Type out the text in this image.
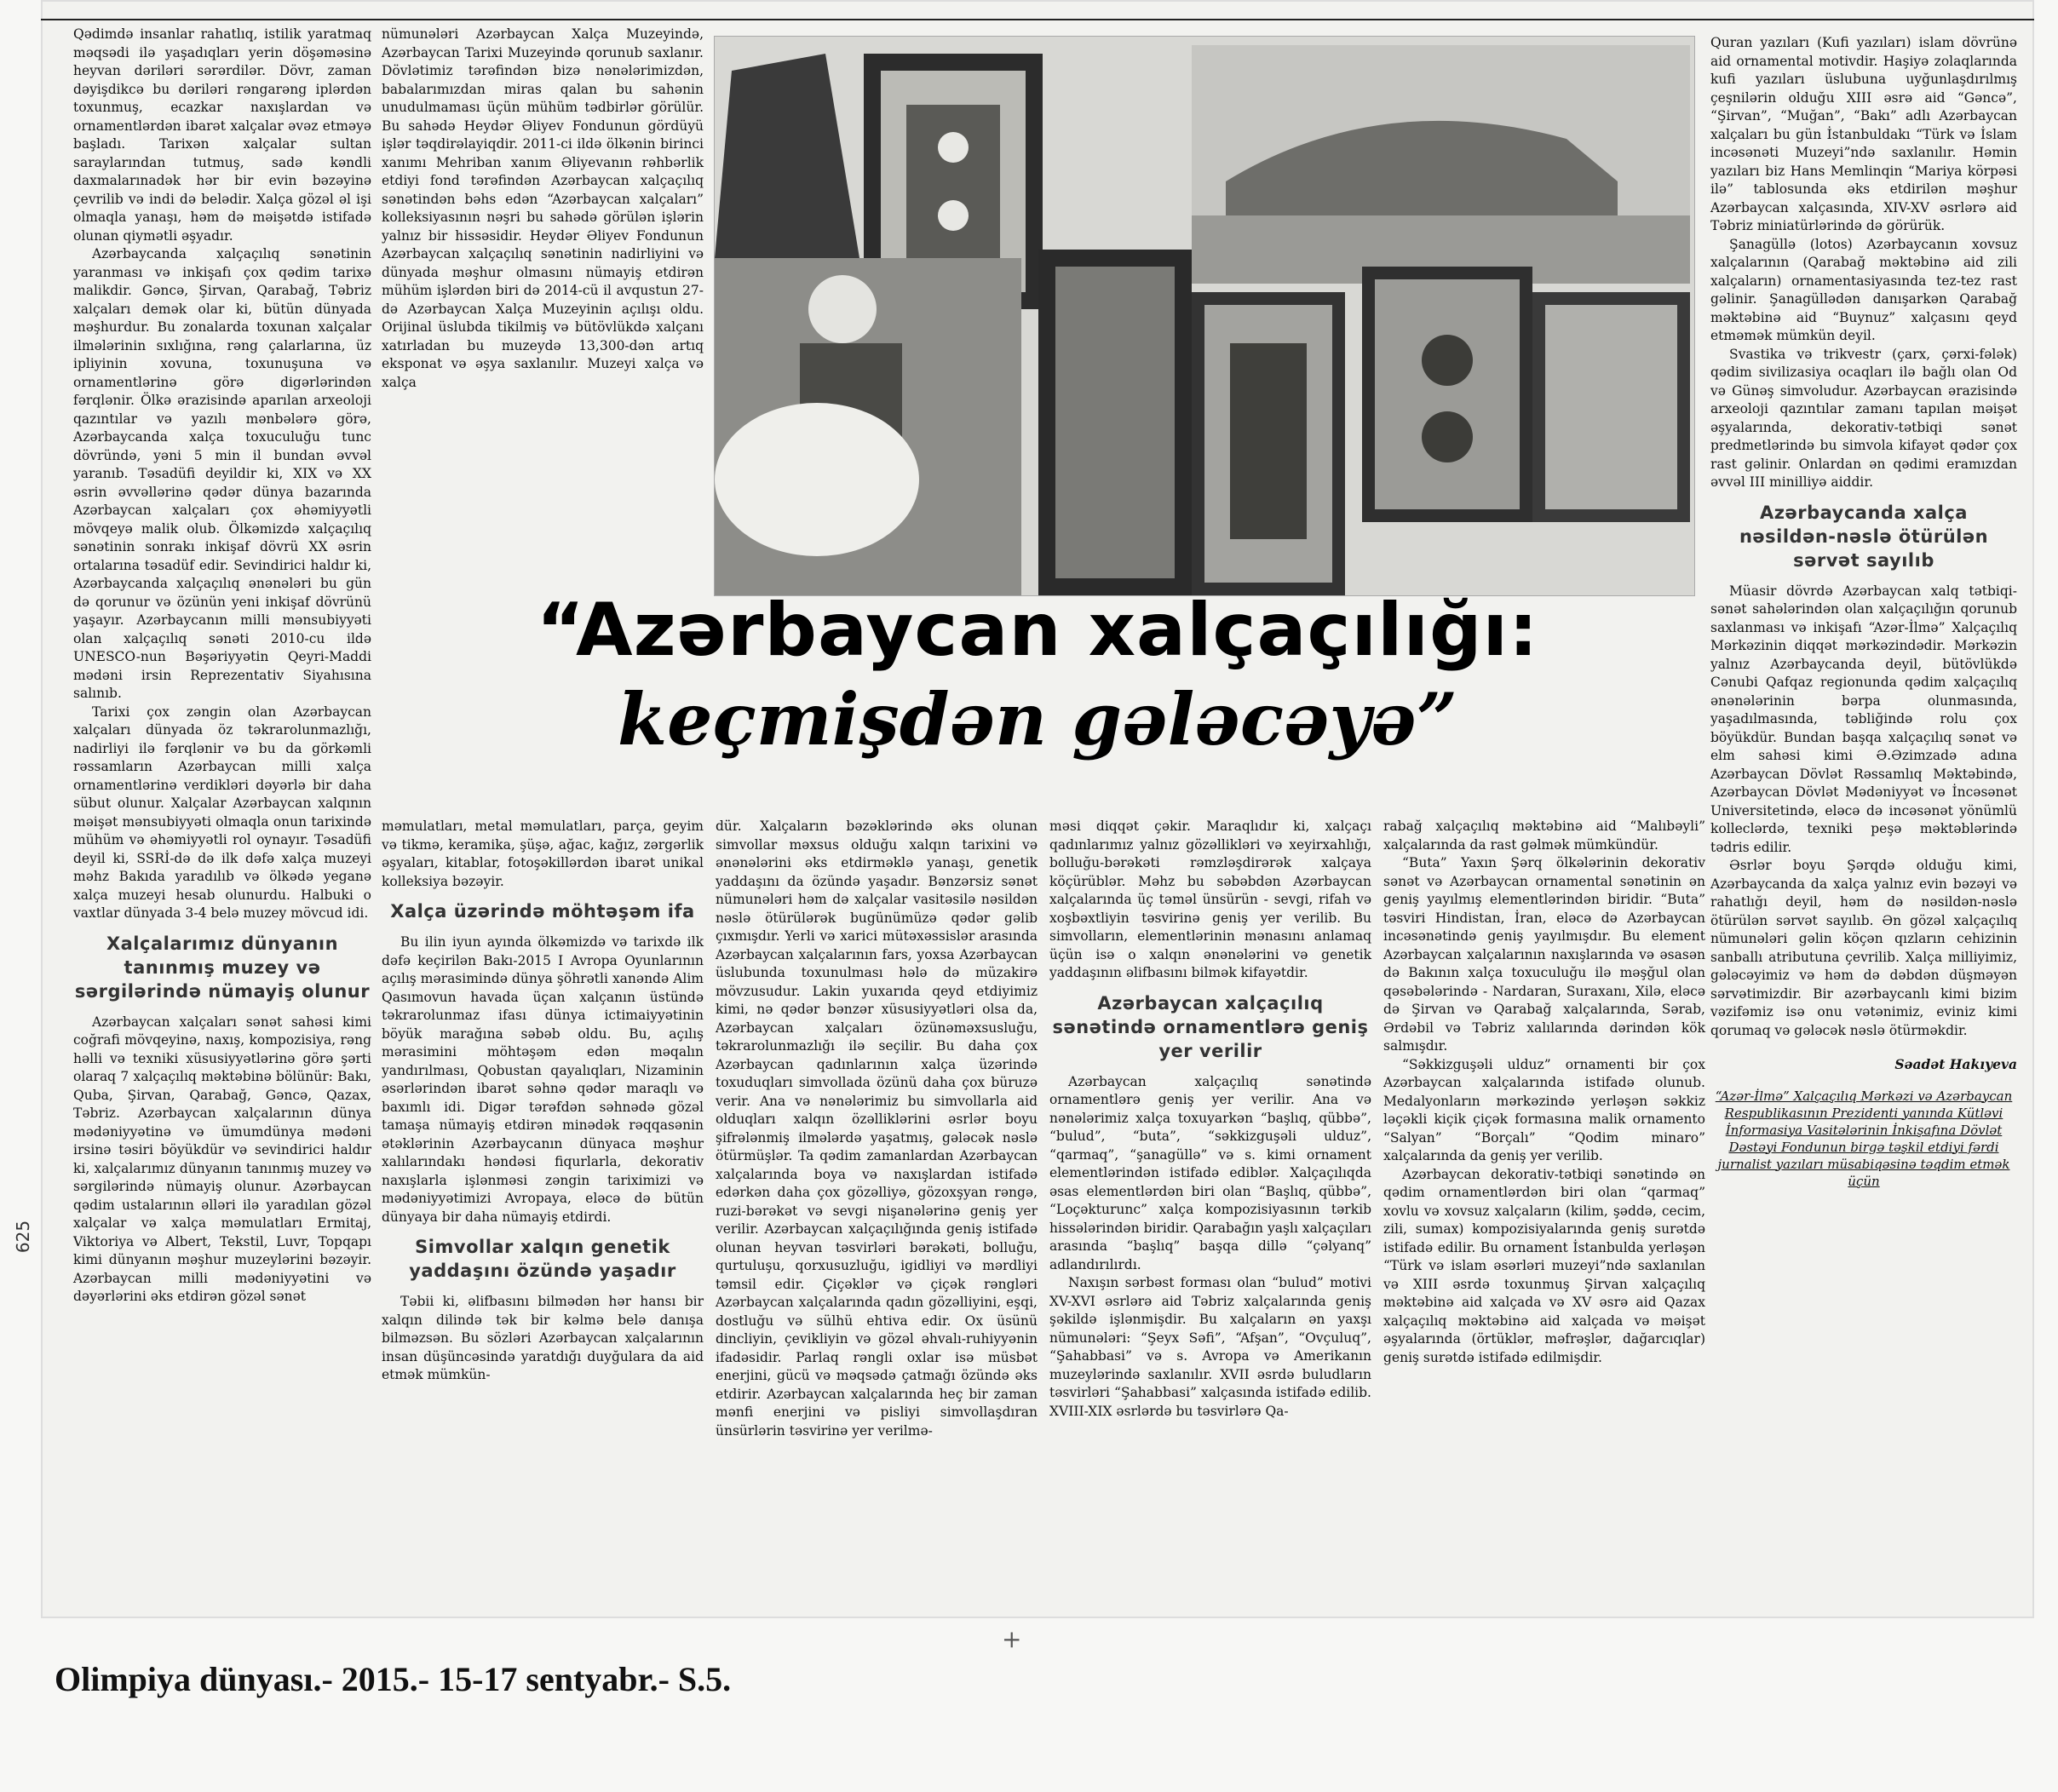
Qədimdə insanlar rahatlıq, istilik yaratmaq məqsədi ilə yaşadıqları yerin döşəməsinə heyvan dəriləri sərərdilər. Dövr, zaman dəyişdikcə bu dəriləri rəngarəng iplərdən toxunmuş, ecazkar naxışlardan və ornamentlərdən ibarət xalçalar əvəz etməyə başladı. Tarixən xalçalar sultan saraylarından tutmuş, sadə kəndli daxmalarınadək hər bir evin bəzəyinə çevrilib və indi də belədir. Xalça gözəl əl işi olmaqla yanaşı, həm də məişətdə istifadə olunan qiymətli əşyadır.

Azərbaycanda xalçaçılıq sənətinin yaranması və inkişafı çox qədim tarixə malikdir. Gəncə, Şirvan, Qarabağ, Təbriz xalçaları demək olar ki, bütün dünyada məşhurdur. Bu zonalarda toxunan xalçalar ilmələrinin sıxlığına, rəng çalarlarına, üz ipliyinin xovuna, toxunuşuna və ornamentlərinə görə digərlərindən fərqlənir. Ölkə ərazisində aparılan arxeoloji qazıntılar və yazılı mənbələrə görə, Azərbaycanda xalça toxuculuğu tunc dövründə, yəni 5 min il bundan əvvəl yaranıb. Təsadüfi deyildir ki, XIX və XX əsrin əvvəllərinə qədər dünya bazarında Azərbaycan xalçaları çox əhəmiyyətli mövqeyə malik olub. Ölkəmizdə xalçaçılıq sənətinin sonrakı inkişaf dövrü XX əsrin ortalarına təsadüf edir. Sevindirici haldır ki, Azərbaycanda xalçaçılıq ənənələri bu gün də qorunur və özünün yeni inkişaf dövrünü yaşayır. Azərbaycanın milli mənsubiyyəti olan xalçaçılıq sənəti 2010-cu ildə UNESCO-nun Bəşəriyyətin Qeyri-Maddi mədəni irsin Reprezentativ Siyahısına salınıb.

Tarixi çox zəngin olan Azərbaycan xalçaları dünyada öz təkrarolunmazlığı, nadirliyi ilə fərqlənir və bu da görkəmli rəssamların Azərbaycan milli xalça ornamentlərinə verdikləri dəyərlə bir daha sübut olunur. Xalçalar Azərbaycan xalqının məişət mənsubiyyəti olmaqla onun tarixində mühüm və əhəmiyyətli rol oynayır. Təsadüfi deyil ki, SSRİ-də də ilk dəfə xalça muzeyi məhz Bakıda yaradılıb və ölkədə yeganə xalça muzeyi hesab olunurdu. Halbuki o vaxtlar dünyada 3-4 belə muzey mövcud idi.

Xalçalarımız dünyanın tanınmış muzey və sərgilərində nümayiş olunur

Azərbaycan xalçaları sənət sahəsi kimi coğrafi mövqeyinə, naxış, kompozisiya, rəng həlli və texniki xüsusiyyətlərinə görə şərti olaraq 7 xalçaçılıq məktəbinə bölünür: Bakı, Quba, Şirvan, Qarabağ, Gəncə, Qazax, Təbriz. Azərbaycan xalçalarının dünya mədəniyyətinə və ümumdünya mədəni irsinə təsiri böyükdür və sevindirici haldır ki, xalçalarımız dünyanın tanınmış muzey və sərgilərində nümayiş olunur. Azərbaycan qədim ustalarının əlləri ilə yaradılan gözəl xalçalar və xalça məmulatları Ermitaj, Viktoriya və Albert, Tekstil, Luvr, Topqapı kimi dünyanın məşhur muzeylərini bəzəyir. Azərbaycan milli mədəniyyətini və dəyərlərini əks etdirən gözəl sənət

nümunələri Azərbaycan Xalça Muzeyində, Azərbaycan Tarixi Muzeyində qorunub saxlanır. Dövlətimiz tərəfindən bizə nənələrimizdən, babalarımızdan miras qalan bu sahənin unudulmaması üçün mühüm tədbirlər görülür. Bu sahədə Heydər Əliyev Fondunun gördüyü işlər təqdirəlayiqdir. 2011-ci ildə ölkənin birinci xanımı Mehriban xanım Əliyevanın rəhbərlik etdiyi fond tərəfindən Azərbaycan xalçaçılıq sənətindən bəhs edən “Azərbaycan xalçaları” kolleksiyasının nəşri bu sahədə görülən işlərin yalnız bir hissəsidir. Heydər Əliyev Fondunun Azərbaycan xalçaçılıq sənətinin nadirliyini və dünyada məşhur olmasını nümayiş etdirən mühüm işlərdən biri də 2014-cü il avqustun 27-də Azərbaycan Xalça Muzeyinin açılışı oldu. Orijinal üslubda tikilmiş və bütövlükdə xalçanı xatırladan bu muzeydə 13,300-dən artıq eksponat və əşya saxlanılır. Muzeyi xalça və xalça

“Azərbaycan xalçaçılığı:
keçmişdən gələcəyə”

məmulatları, metal məmulatları, parça, geyim və tikmə, keramika, şüşə, ağac, kağız, zərgərlik əşyaları, kitablar, fotoşəkillərdən ibarət unikal kolleksiya bəzəyir.

Xalça üzərində möhtəşəm ifa

Bu ilin iyun ayında ölkəmizdə və tarixdə ilk dəfə keçirilən Bakı-2015 I Avropa Oyunlarının açılış mərasimində dünya şöhrətli xanəndə Alim Qasımovun havada üçan xalçanın üstündə təkrarolunmaz ifası dünya ictimaiyyətinin böyük marağına səbəb oldu. Bu, açılış mərasimini möhtəşəm edən məqalın yandırılması, Qobustan qayalıqları, Nizaminin əsərlərindən ibarət səhnə qədər maraqlı və baxımlı idi. Digər tərəfdən səhnədə gözəl tamaşa nümayiş etdirən minədək rəqqasənin ətəklərinin Azərbaycanın dünyaca məşhur xalılarındakı həndəsi fiqurlarla, dekorativ naxışlarla işlənməsi zəngin tariximizi və mədəniyyətimizi Avropaya, eləcə də bütün dünyaya bir daha nümayiş etdirdi.

Simvollar xalqın genetik yaddaşını özündə yaşadır

Təbii ki, əlifbasını bilmədən hər hansı bir xalqın dilində tək bir kəlmə belə danışa bilməzsən. Bu sözləri Azərbaycan xalçalarının insan düşüncəsində yaratdığı duyğulara da aid etmək mümkün-

dür. Xalçaların bəzəklərində əks olunan simvollar məxsus olduğu xalqın tarixini və ənənələrini əks etdirməklə yanaşı, genetik yaddaşını da özündə yaşadır. Bənzərsiz sənət nümunələri həm də xalçalar vasitəsilə nəsildən nəslə ötürülərək bugünümüzə qədər gəlib çıxmışdır. Yerli və xarici mütəxəssislər arasında Azərbaycan xalçalarının fars, yoxsa Azərbaycan üslubunda toxunulması hələ də müzakirə mövzusudur. Lakin yuxarıda qeyd etdiyimiz kimi, nə qədər bənzər xüsusiyyətləri olsa da, Azərbaycan xalçaları özünəməxsusluğu, təkrarolunmazlığı ilə seçilir. Bu daha çox Azərbaycan qadınlarının xalça üzərində toxuduqları simvollada özünü daha çox büruzə verir. Ana və nənələrimiz bu simvollarla aid olduqları xalqın özəlliklərini əsrlər boyu şifrələnmiş ilmələrdə yaşatmış, gələcək nəslə ötürmüşlər. Ta qədim zamanlardan Azərbaycan xalçalarında boya və naxışlardan istifadə edərkən daha çox gözəlliyə, gözoxşyan rəngə, ruzi-bərəkət və sevgi nişanələrinə geniş yer verilir. Azərbaycan xalçaçılığında geniş istifadə olunan heyvan təsvirləri bərəkəti, bolluğu, qurtuluşu, qorxusuzluğu, igidliyi və mərdliyi təmsil edir. Çiçəklər və çiçək rəngləri Azərbaycan xalçalarında qadın gözəlliyini, eşqi, dostluğu və sülhü ehtiva edir. Ox üsünü dincliyin, çevikliyin və gözəl əhvalı-ruhiyyənin ifadəsidir. Parlaq rəngli oxlar isə müsbət enerjini, gücü və məqsədə çatmağı özündə əks etdirir. Azərbaycan xalçalarında heç bir zaman mənfi enerjini və pisliyi simvollaşdıran ünsürlərin təsvirinə yer verilmə-

məsi diqqət çəkir. Maraqlıdır ki, xalçaçı qadınlarımız yalnız gözəllikləri və xeyirxahlığı, bolluğu-bərəkəti rəmzləşdirərək xalçaya köçürüblər. Məhz bu səbəbdən Azərbaycan xalçalarında üç təməl ünsürün - sevgi, rifah və xoşbəxtliyin təsvirinə geniş yer verilib. Bu simvolların, elementlərinin mənasını anlamaq üçün isə o xalqın ənənələrini və genetik yaddaşının əlifbasını bilmək kifayətdir.

Azərbaycan xalçaçılıq sənətində ornamentlərə geniş yer verilir

Azərbaycan xalçaçılıq sənətində ornamentlərə geniş yer verilir. Ana və nənələrimiz xalça toxuyarkən “başlıq, qübbə”, “bulud”, “buta”, “səkkizguşəli ulduz”, “qarmaq”, “şanagüllə” və s. kimi ornament elementlərindən istifadə ediblər. Xalçaçılıqda əsas elementlərdən biri olan “Başlıq, qübbə”, “Loçəkturunc” xalça kompozisiyasının tərkib hissələrindən biridir. Qarabağın yaşlı xalçaçıları arasında “başlıq” başqa dillə “çəlyanq” adlandırılırdı.

Naxışın sərbəst forması olan “bulud” motivi XV-XVI əsrlərə aid Təbriz xalçalarında geniş şəkildə işlənmişdir. Bu xalçaların ən yaxşı nümunələri: “Şeyx Səfi”, “Afşan”, “Ovçuluq”, “Şahabbasi” və s. Avropa və Amerikanın muzeylərində saxlanılır. XVII əsrdə buludların təsvirləri “Şahabbasi” xalçasında istifadə edilib. XVIII-XIX əsrlərdə bu təsvirlərə Qa-

rabağ xalçaçılıq məktəbinə aid “Malıbəyli” xalçalarında da rast gəlmək mümkündür.

“Buta” Yaxın Şərq ölkələrinin dekorativ sənət və Azərbaycan ornamental sənətinin ən geniş yayılmış elementlərindən biridir. “Buta” təsviri Hindistan, İran, eləcə də Azərbaycan incəsənətində geniş yayılmışdır. Bu element Azərbaycan xalçalarının naxışlarında və əsasən də Bakının xalça toxuculuğu ilə məşğul olan qəsəbələrində - Nardaran, Suraxanı, Xilə, eləcə də Şirvan və Qarabağ xalçalarında, Sərab, Ərdəbil və Təbriz xalılarında dərindən kök salmışdır.

“Səkkizguşəli ulduz” ornamenti bir çox Azərbaycan xalçalarında istifadə olunub. Medalyonların mərkəzində yerləşən səkkiz ləçəkli kiçik çiçək formasına malik ornamento “Salyan” “Borçalı” “Qodim minaro” xalçalarında da geniş yer verilib.

Azərbaycan dekorativ-tətbiqi sənətində ən qədim ornamentlərdən biri olan “qarmaq” xovlu və xovsuz xalçaların (kilim, şəddə, cecim, zili, sumax) kompozisiyalarında geniş surətdə istifadə edilir. Bu ornament İstanbulda yerləşən “Türk və islam əsərləri muzeyi”ndə saxlanılan və XIII əsrdə toxunmuş Şirvan xalçaçılıq məktəbinə aid xalçada və XV əsrə aid Qazax xalçaçılıq məktəbinə aid xalçada və məişət əşyalarında (örtüklər, məfrəşlər, dağarcıqlar) geniş surətdə istifadə edilmişdir.

Quran yazıları (Kufi yazıları) islam dövrünə aid ornamental motivdir. Haşiyə zolaqlarında kufi yazıları üslubuna uyğunlaşdırılmış çeşnilərin olduğu XIII əsrə aid “Gəncə”, “Şirvan”, “Muğan”, “Bakı” adlı Azərbaycan xalçaları bu gün İstanbuldakı “Türk və İslam incəsənəti Muzeyi”ndə saxlanılır. Həmin yazıları biz Hans Memlinqin “Mariya körpəsi ilə” tablosunda əks etdirilən məşhur Azərbaycan xalçasında, XIV-XV əsrlərə aid Təbriz miniatürlərində də görürük.

Şanagüllə (lotos) Azərbaycanın xovsuz xalçalarının (Qarabağ məktəbinə aid zili xalçaların) ornamentasiyasında tez-tez rast gəlinir. Şanagüllədən danışarkən Qarabağ məktəbinə aid “Buynuz” xalçasını qeyd etməmək mümkün deyil.

Svastika və trikvestr (çarx, çərxi-fələk) qədim sivilizasiya ocaqları ilə bağlı olan Od və Günəş simvoludur. Azərbaycan ərazisində arxeoloji qazıntılar zamanı tapılan məişət əşyalarında, dekorativ-tətbiqi sənət predmetlərində bu simvola kifayət qədər çox rast gəlinir. Onlardan ən qədimi eramızdan əvvəl III minilliyə aiddir.

Azərbaycanda xalça nəsildən-nəslə ötürülən sərvət sayılıb

Müasir dövrdə Azərbaycan xalq tətbiqi-sənət sahələrindən olan xalçaçılığın qorunub saxlanması və inkişafı “Azər-İlmə” Xalçaçılıq Mərkəzinin diqqət mərkəzindədir. Mərkəzin yalnız Azərbaycanda deyil, bütövlükdə Cənubi Qafqaz regionunda qədim xalçaçılıq ənənələrinin bərpa olunmasında, yaşadılmasında, təbliğində rolu çox böyükdür. Bundan başqa xalçaçılıq sənət və elm sahəsi kimi Ə.Əzimzadə adına Azərbaycan Dövlət Rəssamlıq Məktəbində, Azərbaycan Dövlət Mədəniyyət və İncəsənət Universitetində, eləcə də incəsənət yönümlü kolleclərdə, texniki peşə məktəblərində tədris edilir.

Əsrlər boyu Şərqdə olduğu kimi, Azərbaycanda da xalça yalnız evin bəzəyi və rahatlığı deyil, həm də nəsildən-nəslə ötürülən sərvət sayılıb. Ən gözəl xalçaçılıq nümunələri gəlin köçən qızların cehizinin sanballı atributuna çevrilib. Xalça milliyimiz, gələcəyimiz və həm də dəbdən düşməyən sərvətimizdir. Bir azərbaycanlı kimi bizim vəzifəmiz isə onu vətənimiz, eviniz kimi qorumaq və gələcək nəslə ötürməkdir.

Səadət Hakıyeva
“Azər-İlmə” Xalçaçılıq Mərkəzi və Azərbaycan Respublikasının Prezidenti yanında Kütləvi İnformasiya Vasitələrinin İnkişafına Dövlət Dəstəyi Fondunun birgə təşkil etdiyi fərdi jurnalist yazıları müsabiqəsinə təqdim etmək üçün
625
+
Olimpiya dünyası.- 2015.- 15-17 sentyabr.- S.5.
